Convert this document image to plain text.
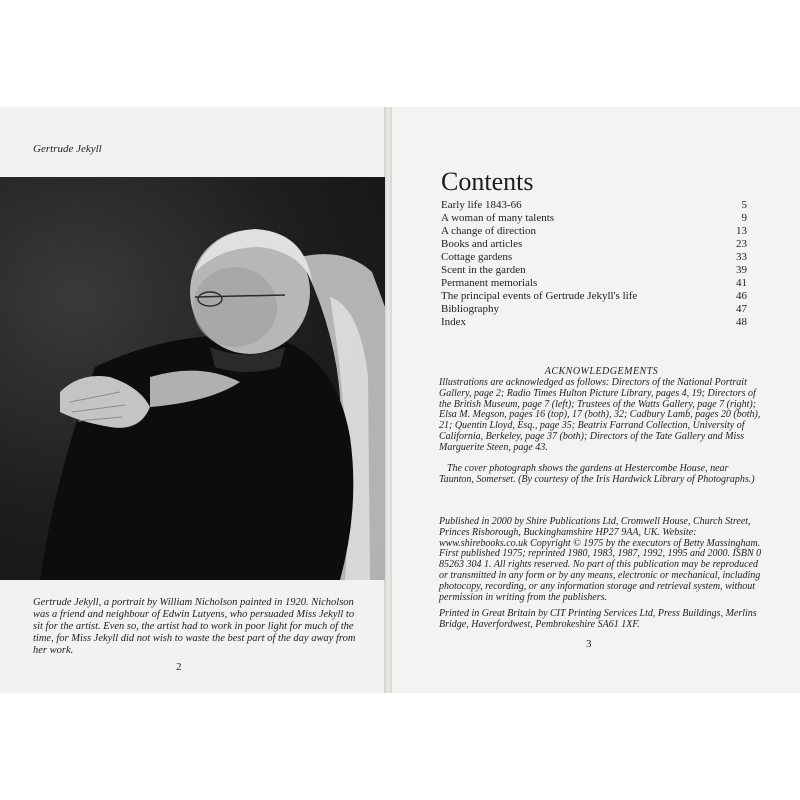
Gertrude Jekyll

Gertrude Jekyll, a portrait by William Nicholson painted in 1920. Nicholson was a friend and neighbour of Edwin Lutyens, who persuaded Miss Jekyll to sit for the artist. Even so, the artist had to work in poor light for much of the time, for Miss Jekyll did not wish to waste the best part of the day away from her work.

2

Contents
Early life 1843-66	5
A woman of many talents	9
A change of direction	13
Books and articles	23
Cottage gardens	33
Scent in the garden	39
Permanent memorials	41
The principal events of Gertrude Jekyll's life	46
Bibliography	47
Index	48

ACKNOWLEDGEMENTS

Illustrations are acknowledged as follows: Directors of the National Portrait Gallery, page 2; Radio Times Hulton Picture Library, pages 4, 19; Directors of the British Museum, page 7 (left); Trustees of the Watts Gallery, page 7 (right); Elsa M. Megson, pages 16 (top), 17 (both), 32; Cadbury Lamb, pages 20 (both), 21; Quentin Lloyd, Esq., page 35; Beatrix Farrand Collection, University of California, Berkeley, page 37 (both); Directors of the Tate Gallery and Miss Marguerite Steen, page 43.

The cover photograph shows the gardens at Hestercombe House, near Taunton, Somerset. (By courtesy of the Iris Hardwick Library of Photographs.)

Published in 2000 by Shire Publications Ltd, Cromwell House, Church Street, Princes Risborough, Buckinghamshire HP27 9AA, UK. Website: www.shirebooks.co.uk Copyright © 1975 by the executors of Betty Massingham. First published 1975; reprinted 1980, 1983, 1987, 1992, 1995 and 2000. ISBN 0 85263 304 1. All rights reserved. No part of this publication may be reproduced or transmitted in any form or by any means, electronic or mechanical, including photocopy, recording, or any information storage and retrieval system, without permission in writing from the publishers.

Printed in Great Britain by CIT Printing Services Ltd, Press Buildings, Merlins Bridge, Haverfordwest, Pembrokeshire SA61 1XF.

3
